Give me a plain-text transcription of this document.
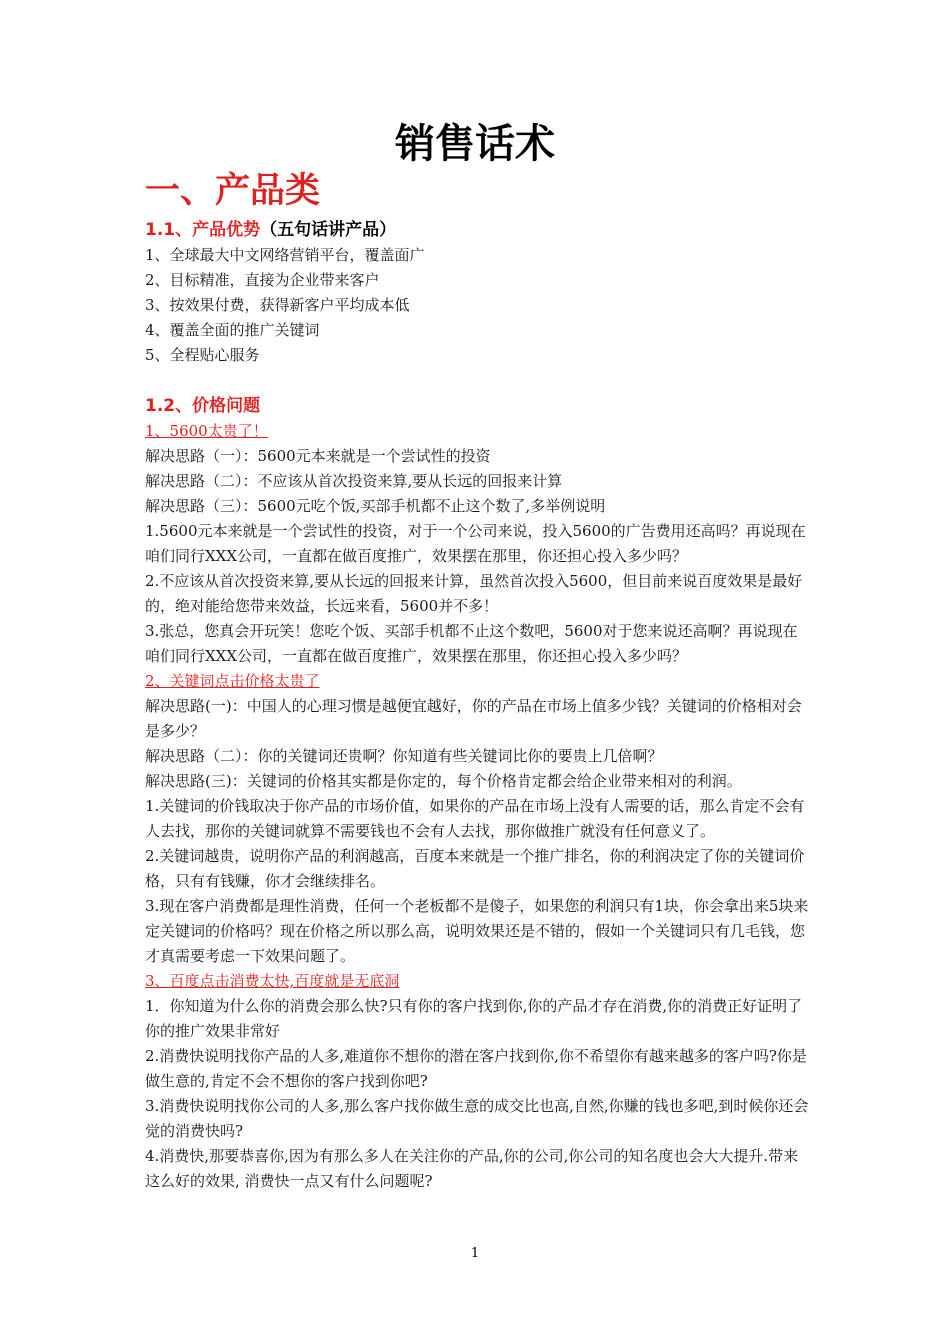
销售话术
一、产品类
1.1、产品优势（五句话讲产品）

1、全球最大中文网络营销平台，覆盖面广

2、目标精准，直接为企业带来客户

3、按效果付费，获得新客户平均成本低

4、覆盖全面的推广关键词

5、全程贴心服务

1.2、价格问题

1、5600太贵了！

解决思路（一）：5600元本来就是一个尝试性的投资

解决思路（二）：不应该从首次投资来算,要从长远的回报来计算

解决思路（三）：5600元吃个饭,买部手机都不止这个数了,多举例说明

1.5600元本来就是一个尝试性的投资，对于一个公司来说，投入5600的广告费用还高吗？再说现在咱们同行XXX公司，一直都在做百度推广，效果摆在那里，你还担心投入多少吗？

2.不应该从首次投资来算,要从长远的回报来计算，虽然首次投入5600，但目前来说百度效果是最好的，绝对能给您带来效益，长远来看，5600并不多！

3.张总，您真会开玩笑！您吃个饭、买部手机都不止这个数吧，5600对于您来说还高啊？再说现在咱们同行XXX公司，一直都在做百度推广，效果摆在那里，你还担心投入多少吗？

2、关键词点击价格太贵了

解决思路(一)：中国人的心理习惯是越便宜越好，你的产品在市场上值多少钱？关键词的价格相对会是多少？

解决思路（二）：你的关键词还贵啊？你知道有些关键词比你的要贵上几倍啊？

解决思路(三)：关键词的价格其实都是你定的，每个价格肯定都会给企业带来相对的利润。

1.关键词的价钱取决于你产品的市场价值，如果你的产品在市场上没有人需要的话，那么肯定不会有人去找，那你的关键词就算不需要钱也不会有人去找，那你做推广就没有任何意义了。

2.关键词越贵，说明你产品的利润越高，百度本来就是一个推广排名，你的利润决定了你的关键词价格，只有有钱赚，你才会继续排名。

3.现在客户消费都是理性消费，任何一个老板都不是傻子，如果您的利润只有1块，你会拿出来5块来定关键词的价格吗？现在价格之所以那么高，说明效果还是不错的，假如一个关键词只有几毛钱，您才真需要考虑一下效果问题了。

3、百度点击消费太快,百度就是无底洞

1．你知道为什么你的消费会那么快?只有你的客户找到你,你的产品才存在消费,你的消费正好证明了你的推广效果非常好

2.消费快说明找你产品的人多,难道你不想你的潜在客户找到你,你不希望你有越来越多的客户吗?你是做生意的,肯定不会不想你的客户找到你吧?

3.消费快说明找你公司的人多,那么客户找你做生意的成交比也高,自然,你赚的钱也多吧,到时候你还会觉的消费快吗?

4.消费快,那要恭喜你,因为有那么多人在关注你的产品,你的公司,你公司的知名度也会大大提升.带来这么好的效果, 消费快一点又有什么问题呢?

1
